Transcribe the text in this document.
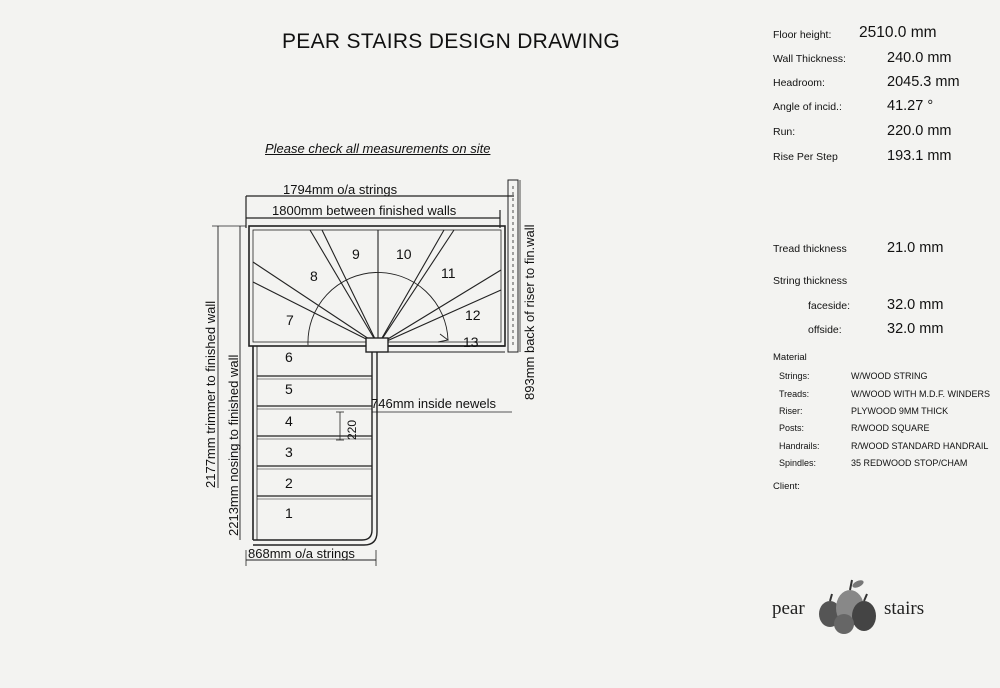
PEAR STAIRS DESIGN DRAWING
Please check all measurements on site
1794mm o/a strings
1800mm between finished walls
2177mm trimmer to finished wall 2213mm nosing to finished wall
893mm back of riser to fin.wall
746mm inside newels
220
868mm o/a strings
1
2
3
4
5
6
7
8
9	10
11
12
13
Floor height: 2510.0 mm
Wall Thickness:	240.0 mm
Headroom:	2045.3 mm
Angle of incid.:	41.27 °
Run:	220.0 mm
Rise Per Step	193.1 mm
Tread thickness	21.0 mm
String thickness
faceside:	32.0 mm
offside:	32.0 mm
Material
Strings:	W/WOOD STRING
Treads:	W/WOOD WITH M.D.F. WINDERS
Riser:	PLYWOOD 9MM THICK
Posts:	R/WOOD SQUARE
Handrails:	R/WOOD STANDARD HANDRAIL
Spindles:	35 REDWOOD STOP/CHAM
Client:
pear	stairs
